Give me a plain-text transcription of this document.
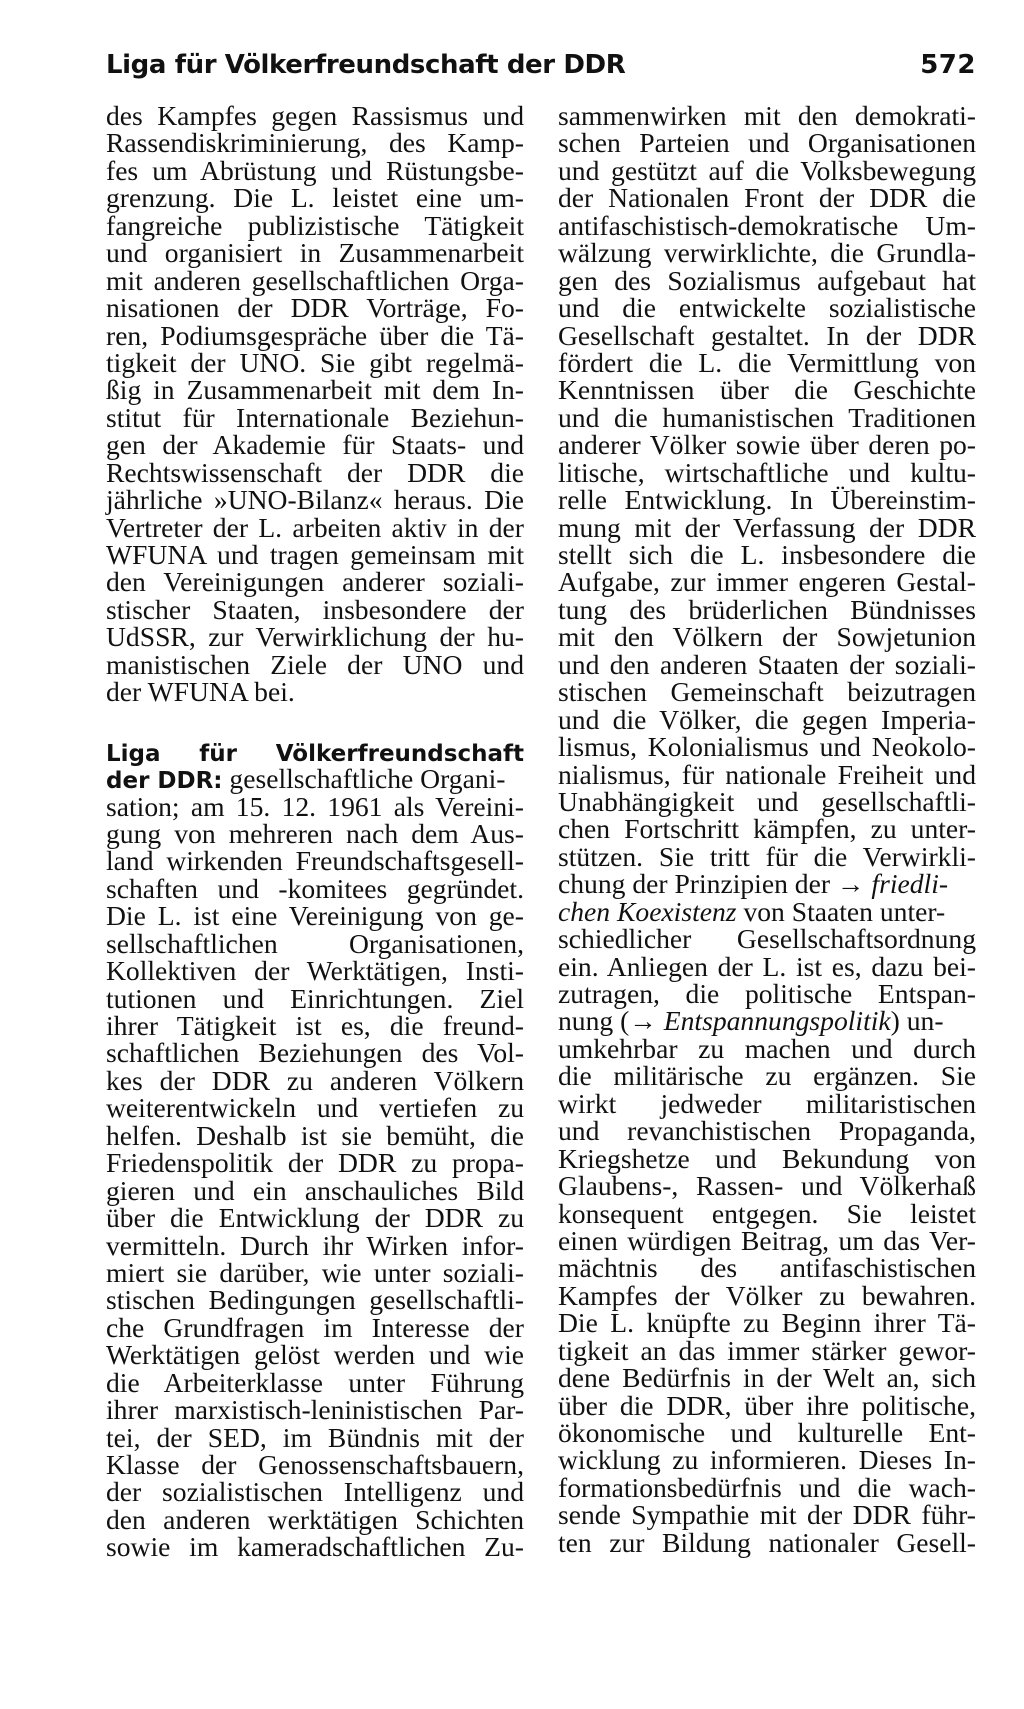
Liga für Völkerfreundschaft der DDR	572
des Kampfes gegen Rassismus und
Rassendiskriminierung, des Kamp-
fes um Abrüstung und Rüstungsbe-
grenzung. Die L. leistet eine um-
fangreiche publizistische Tätigkeit
und organisiert in Zusammenarbeit
mit anderen gesellschaftlichen Orga-
nisationen der DDR Vorträge, Fo-
ren, Podiumsgespräche über die Tä-
tigkeit der UNO. Sie gibt regelmä-
ßig in Zusammenarbeit mit dem In-
stitut für Internationale Beziehun-
gen der Akademie für Staats- und
Rechtswissenschaft der DDR die
jährliche »UNO-Bilanz« heraus. Die
Vertreter der L. arbeiten aktiv in der
WFUNA und tragen gemeinsam mit
den Vereinigungen anderer soziali-
stischer Staaten, insbesondere der
UdSSR, zur Verwirklichung der hu-
manistischen Ziele der UNO und
der WFUNA bei.
Liga für Völkerfreundschaft
der DDR: gesellschaftliche Organi-
sation; am 15. 12. 1961 als Vereini-
gung von mehreren nach dem Aus-
land wirkenden Freundschaftsgesell-
schaften und -komitees gegründet.
Die L. ist eine Vereinigung von ge-
sellschaftlichen Organisationen,
Kollektiven der Werktätigen, Insti-
tutionen und Einrichtungen. Ziel
ihrer Tätigkeit ist es, die freund-
schaftlichen Beziehungen des Vol-
kes der DDR zu anderen Völkern
weiterentwickeln und vertiefen zu
helfen. Deshalb ist sie bemüht, die
Friedenspolitik der DDR zu propa-
gieren und ein anschauliches Bild
über die Entwicklung der DDR zu
vermitteln. Durch ihr Wirken infor-
miert sie darüber, wie unter soziali-
stischen Bedingungen gesellschaftli-
che Grundfragen im Interesse der
Werktätigen gelöst werden und wie
die Arbeiterklasse unter Führung
ihrer marxistisch-leninistischen Par-
tei, der SED, im Bündnis mit der
Klasse der Genossenschaftsbauern,
der sozialistischen Intelligenz und
den anderen werktätigen Schichten
sowie im kameradschaftlichen Zu-
sammenwirken mit den demokrati-
schen Parteien und Organisationen
und gestützt auf die Volksbewegung
der Nationalen Front der DDR die
antifaschistisch-demokratische Um-
wälzung verwirklichte, die Grundla-
gen des Sozialismus aufgebaut hat
und die entwickelte sozialistische
Gesellschaft gestaltet. In der DDR
fördert die L. die Vermittlung von
Kenntnissen über die Geschichte
und die humanistischen Traditionen
anderer Völker sowie über deren po-
litische, wirtschaftliche und kultu-
relle Entwicklung. In Übereinstim-
mung mit der Verfassung der DDR
stellt sich die L. insbesondere die
Aufgabe, zur immer engeren Gestal-
tung des brüderlichen Bündnisses
mit den Völkern der Sowjetunion
und den anderen Staaten der soziali-
stischen Gemeinschaft beizutragen
und die Völker, die gegen Imperia-
lismus, Kolonialismus und Neokolo-
nialismus, für nationale Freiheit und
Unabhängigkeit und gesellschaftli-
chen Fortschritt kämpfen, zu unter-
stützen. Sie tritt für die Verwirkli-
chung der Prinzipien der → friedli-
chen Koexistenz von Staaten unter-
schiedlicher Gesellschaftsordnung
ein. Anliegen der L. ist es, dazu bei-
zutragen, die politische Entspan-
nung (→ Entspannungspolitik) un-
umkehrbar zu machen und durch
die militärische zu ergänzen. Sie
wirkt jedweder militaristischen
und revanchistischen Propaganda,
Kriegshetze und Bekundung von
Glaubens-, Rassen- und Völkerhaß
konsequent entgegen. Sie leistet
einen würdigen Beitrag, um das Ver-
mächtnis des antifaschistischen
Kampfes der Völker zu bewahren.
Die L. knüpfte zu Beginn ihrer Tä-
tigkeit an das immer stärker gewor-
dene Bedürfnis in der Welt an, sich
über die DDR, über ihre politische,
ökonomische und kulturelle Ent-
wicklung zu informieren. Dieses In-
formationsbedürfnis und die wach-
sende Sympathie mit der DDR führ-
ten zur Bildung nationaler Gesell-
